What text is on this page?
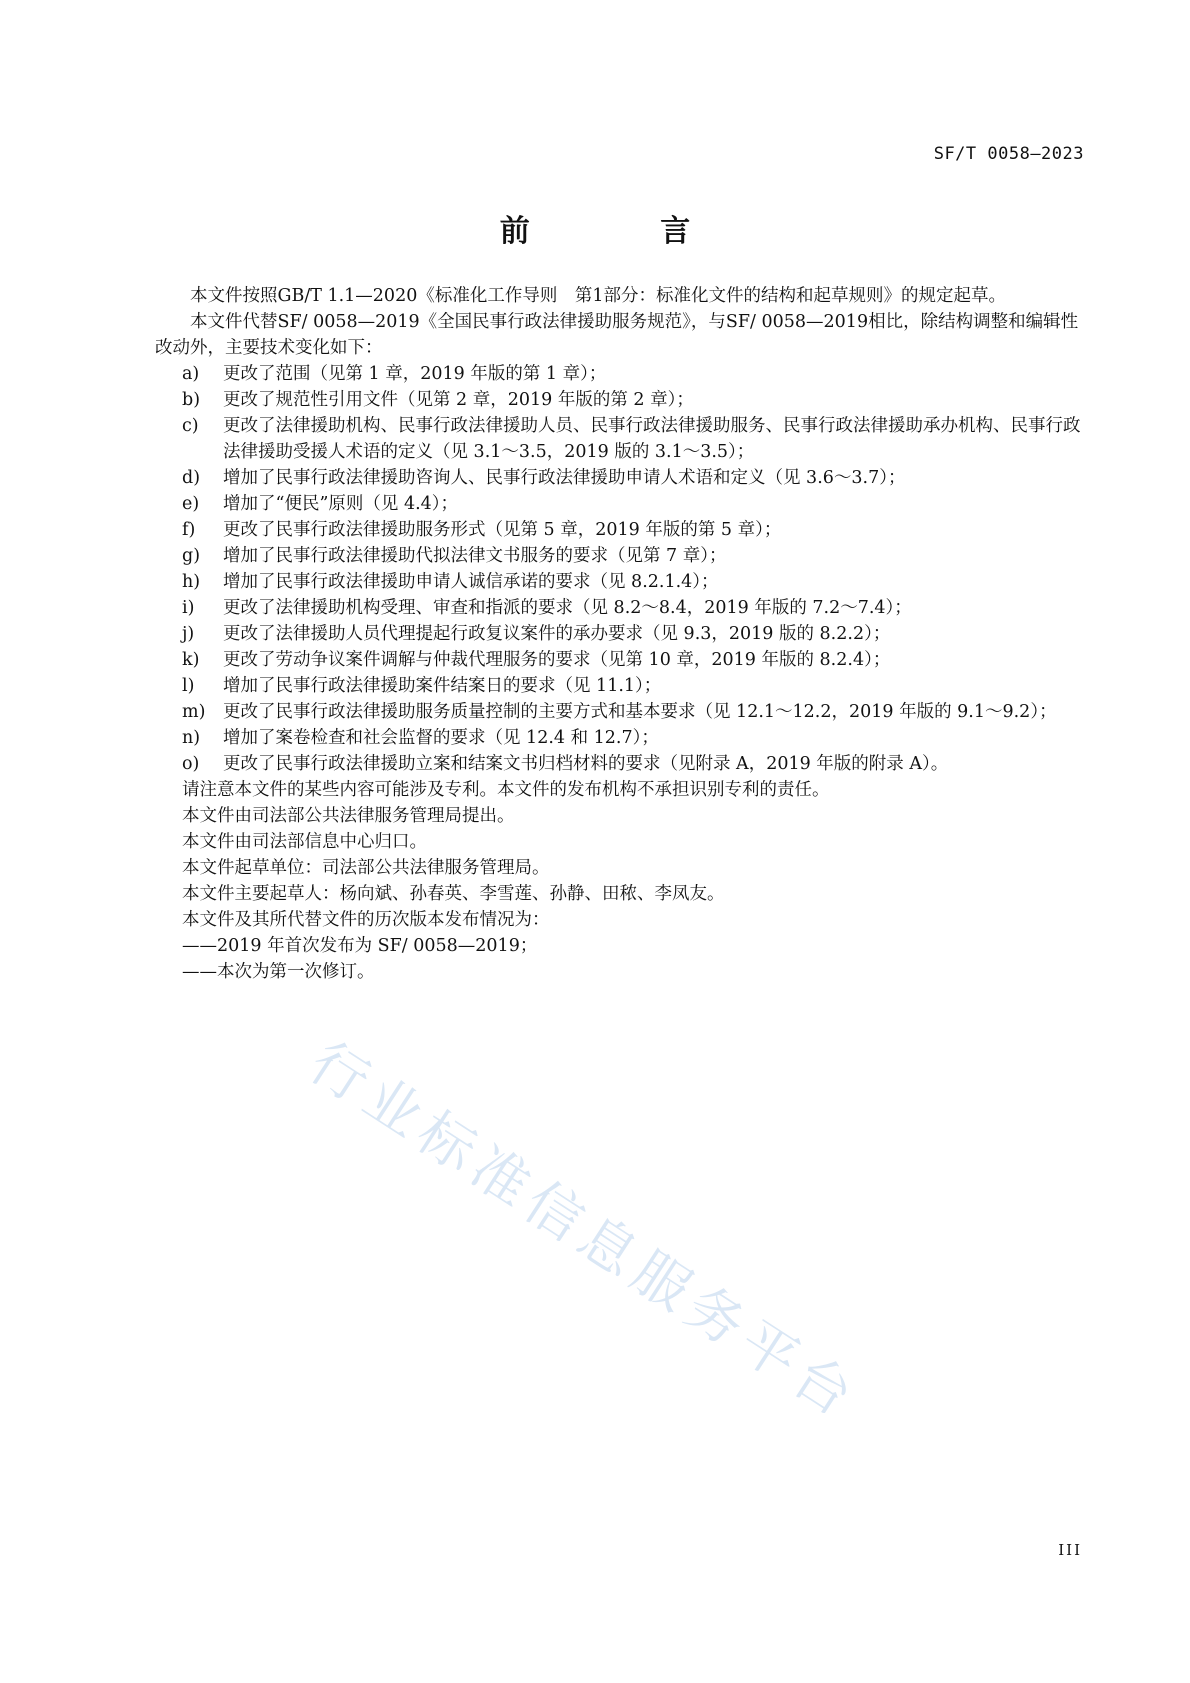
SF/T 0058—2023
前 言

本文件按照GB/T 1.1—2020《标准化工作导则　第1部分：标准化文件的结构和起草规则》的规定起草。

本文件代替SF/ 0058—2019《全国民事行政法律援助服务规范》，与SF/ 0058—2019相比，除结构调整和编辑性改动外，主要技术变化如下：

a) 更改了范围（见第 1 章，2019 年版的第 1 章）；

b) 更改了规范性引用文件（见第 2 章，2019 年版的第 2 章）；

c) 更改了法律援助机构、民事行政法律援助人员、民事行政法律援助服务、民事行政法律援助承办机构、民事行政法律援助受援人术语的定义（见 3.1～3.5，2019 版的 3.1～3.5）；

d) 增加了民事行政法律援助咨询人、民事行政法律援助申请人术语和定义（见 3.6～3.7）；

e) 增加了“便民”原则（见 4.4）；

f) 更改了民事行政法律援助服务形式（见第 5 章，2019 年版的第 5 章）；

g) 增加了民事行政法律援助代拟法律文书服务的要求（见第 7 章）；

h) 增加了民事行政法律援助申请人诚信承诺的要求（见 8.2.1.4）；

i) 更改了法律援助机构受理、审查和指派的要求（见 8.2～8.4，2019 年版的 7.2～7.4）；

j) 更改了法律援助人员代理提起行政复议案件的承办要求（见 9.3，2019 版的 8.2.2）；

k) 更改了劳动争议案件调解与仲裁代理服务的要求（见第 10 章，2019 年版的 8.2.4）；

l) 增加了民事行政法律援助案件结案日的要求（见 11.1）；

m) 更改了民事行政法律援助服务质量控制的主要方式和基本要求（见 12.1～12.2，2019 年版的 9.1～9.2）；

n) 增加了案卷检查和社会监督的要求（见 12.4 和 12.7）；

o) 更改了民事行政法律援助立案和结案文书归档材料的要求（见附录 A，2019 年版的附录 A）。

请注意本文件的某些内容可能涉及专利。本文件的发布机构不承担识别专利的责任。

本文件由司法部公共法律服务管理局提出。

本文件由司法部信息中心归口。

本文件起草单位：司法部公共法律服务管理局。

本文件主要起草人：杨向斌、孙春英、李雪莲、孙静、田秾、李凤友。

本文件及其所代替文件的历次版本发布情况为：

——2019 年首次发布为 SF/ 0058—2019；

——本次为第一次修订。

行业标准信息服务平台
III
